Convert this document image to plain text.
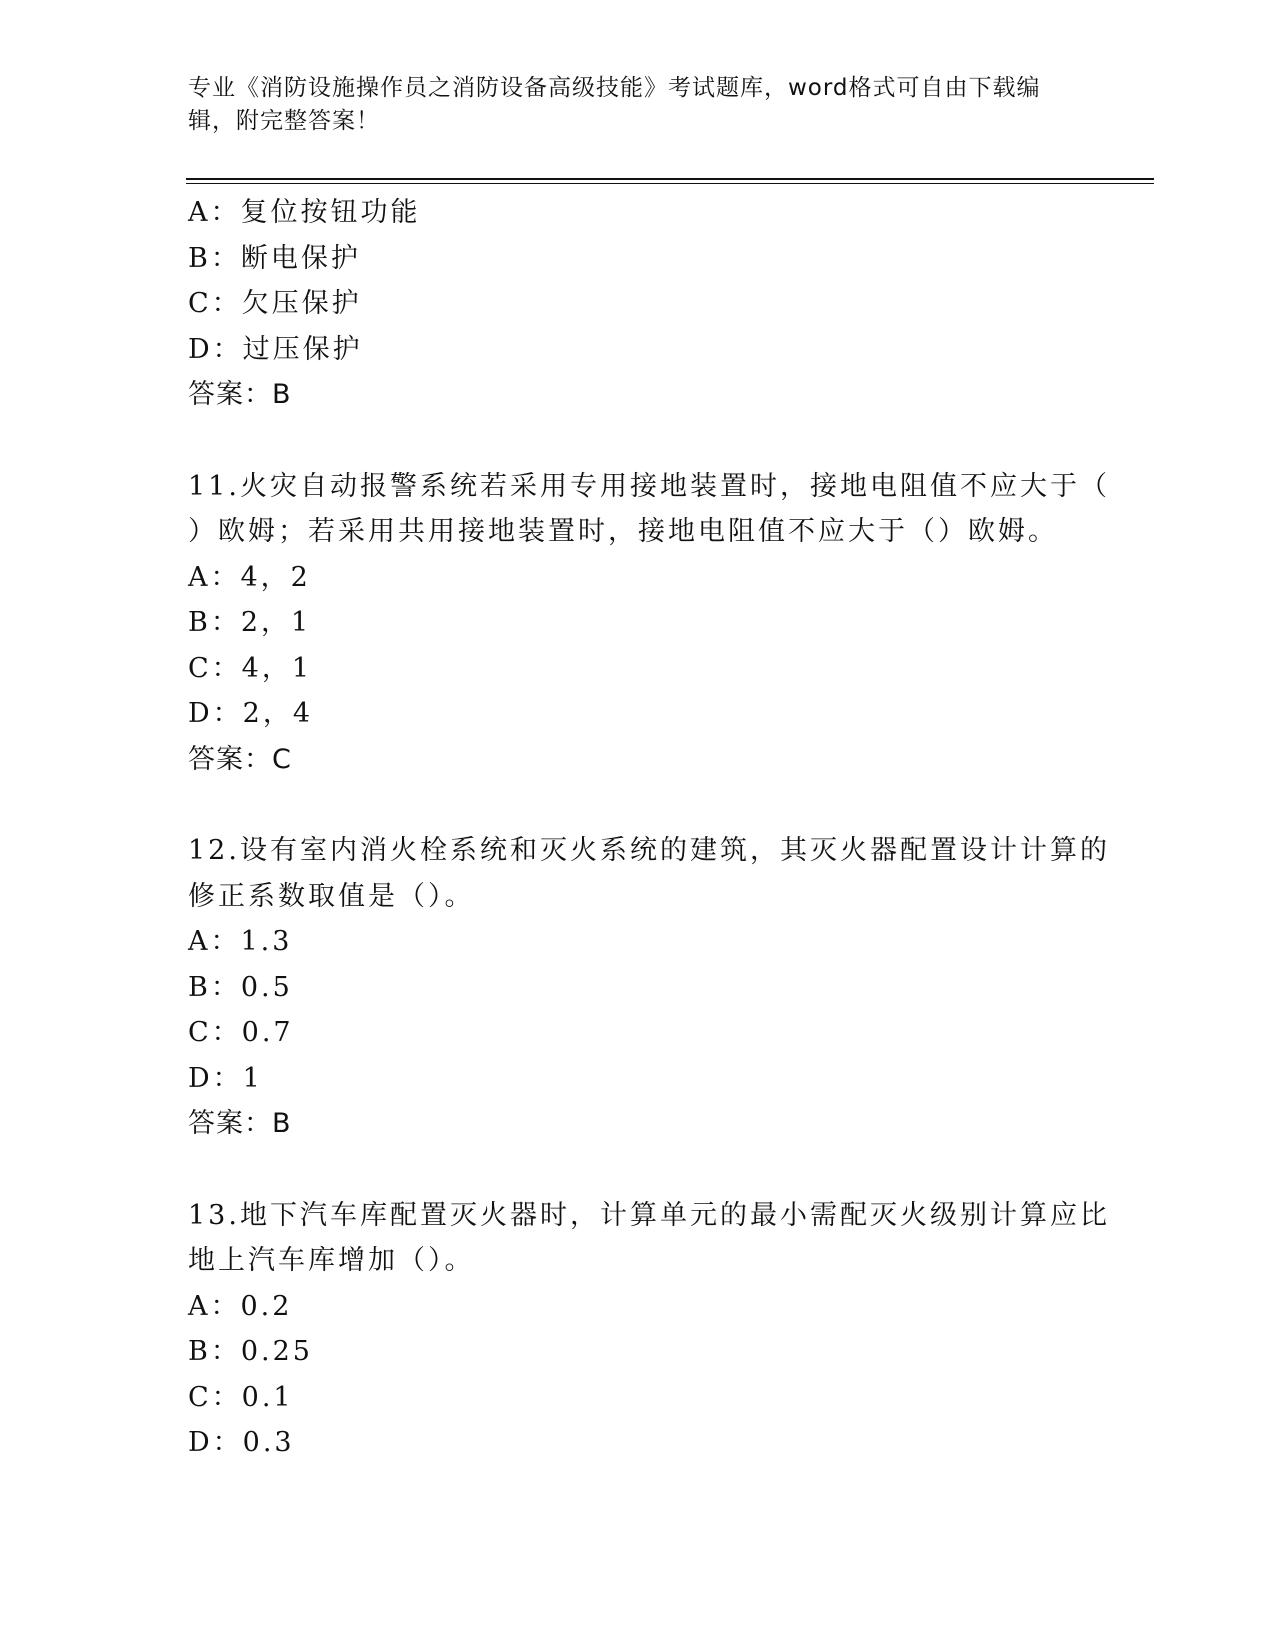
专业《消防设施操作员之消防设备高级技能》考试题库，word格式可自由下载编
辑，附完整答案！
A：复位按钮功能
B：断电保护
C：欠压保护
D：过压保护
答案：B
11.火灾自动报警系统若采用专用接地装置时，接地电阻值不应大于（
）欧姆；若采用共用接地装置时，接地电阻值不应大于（）欧姆。
A：4，2
B：2，1
C：4，1
D：2，4
答案：C
12.设有室内消火栓系统和灭火系统的建筑，其灭火器配置设计计算的
修正系数取值是（）。
A：1.3
B：0.5
C：0.7
D：1
答案：B
13.地下汽车库配置灭火器时，计算单元的最小需配灭火级别计算应比
地上汽车库增加（）。
A：0.2
B：0.25
C：0.1
D：0.3
